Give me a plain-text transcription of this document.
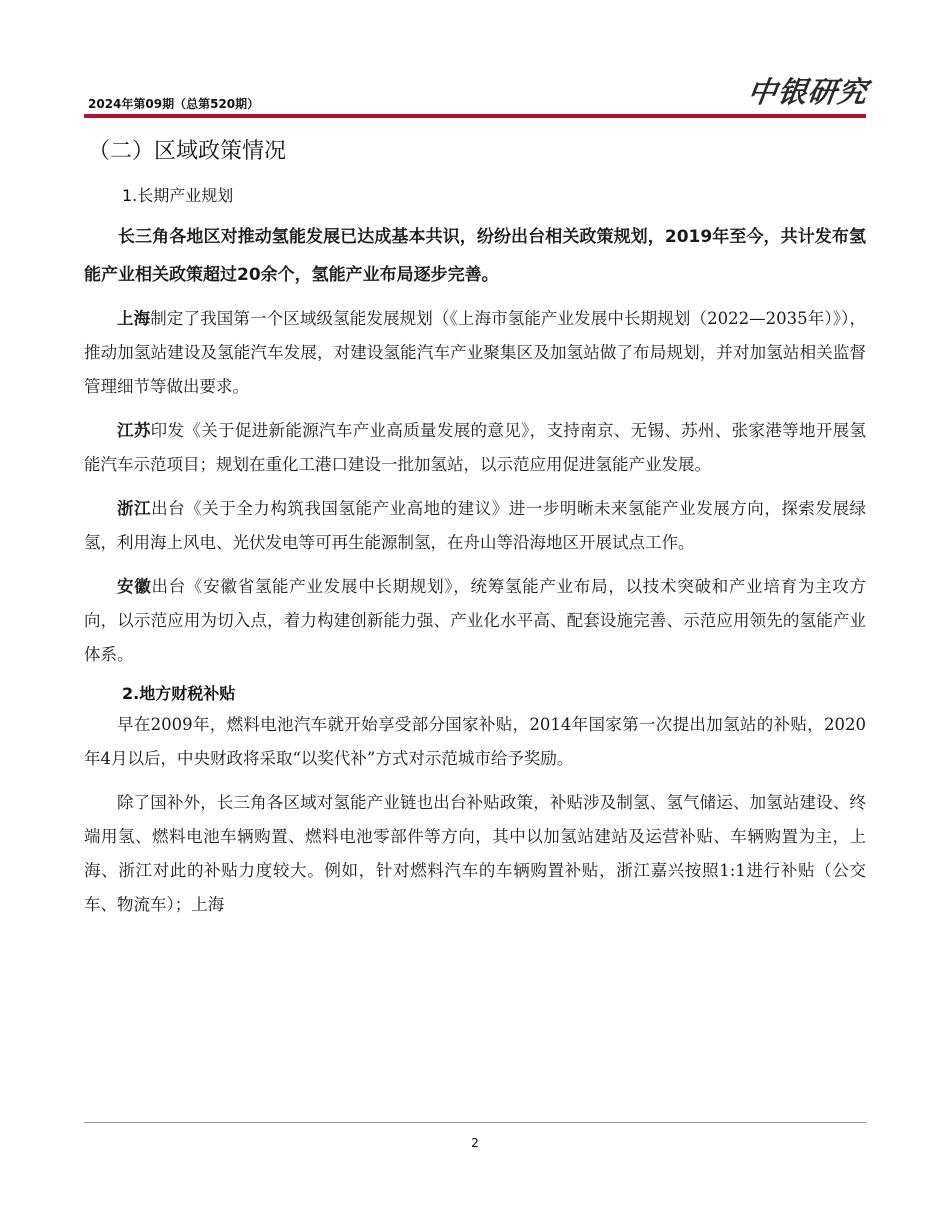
2024年第09期（总第520期）	中银研究
（二）区域政策情况
1.长期产业规划

长三角各地区对推动氢能发展已达成基本共识，纷纷出台相关政策规划，2019年至今，共计发布氢能产业相关政策超过20余个，氢能产业布局逐步完善。

上海制定了我国第一个区域级氢能发展规划（《上海市氢能产业发展中长期规划（2022—2035年）》），推动加氢站建设及氢能汽车发展，对建设氢能汽车产业聚集区及加氢站做了布局规划，并对加氢站相关监督管理细节等做出要求。

江苏印发《关于促进新能源汽车产业高质量发展的意见》，支持南京、无锡、苏州、张家港等地开展氢能汽车示范项目；规划在重化工港口建设一批加氢站，以示范应用促进氢能产业发展。

浙江出台《关于全力构筑我国氢能产业高地的建议》进一步明晰未来氢能产业发展方向，探索发展绿氢，利用海上风电、光伏发电等可再生能源制氢，在舟山等沿海地区开展试点工作。

安徽出台《安徽省氢能产业发展中长期规划》，统筹氢能产业布局，以技术突破和产业培育为主攻方向，以示范应用为切入点，着力构建创新能力强、产业化水平高、配套设施完善、示范应用领先的氢能产业体系。

2.地方财税补贴

早在2009年，燃料电池汽车就开始享受部分国家补贴，2014年国家第一次提出加氢站的补贴，2020年4月以后，中央财政将采取“以奖代补”方式对示范城市给予奖励。

除了国补外，长三角各区域对氢能产业链也出台补贴政策，补贴涉及制氢、氢气储运、加氢站建设、终端用氢、燃料电池车辆购置、燃料电池零部件等方向，其中以加氢站建站及运营补贴、车辆购置为主，上海、浙江对此的补贴力度较大。例如，针对燃料汽车的车辆购置补贴，浙江嘉兴按照1:1进行补贴（公交车、物流车）；上海

2
